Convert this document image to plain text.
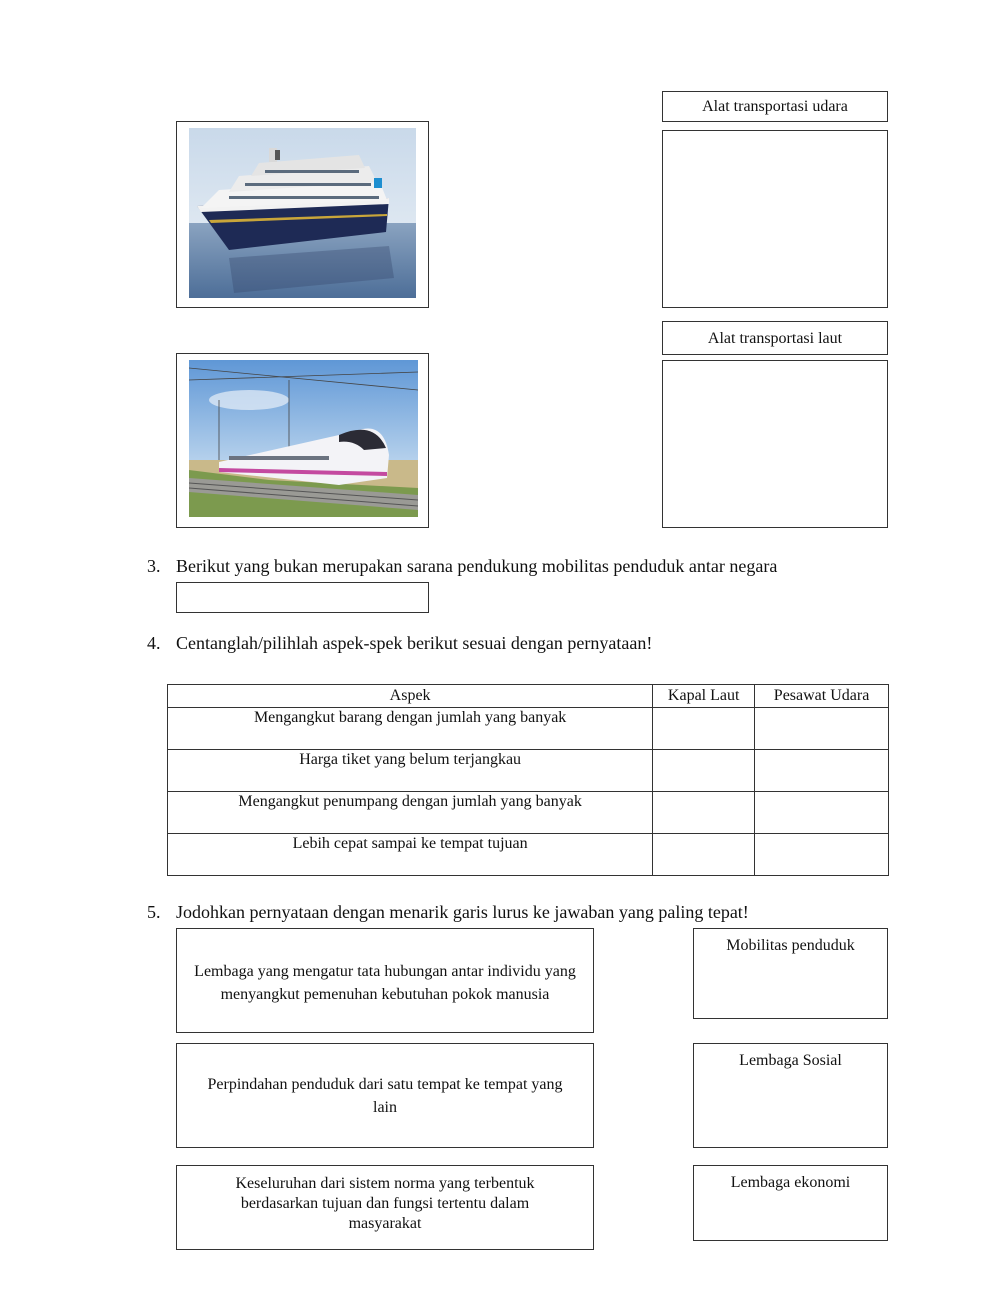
Alat transportasi udara
Alat transportasi laut
3. Berikut yang bukan merupakan sarana pendukung mobilitas penduduk antar negara
4. Centanglah/pilihlah aspek-spek berikut sesuai dengan pernyataan!
Aspek	Kapal Laut	Pesawat Udara
Mengangkut barang dengan jumlah yang banyak		
Harga tiket yang belum terjangkau		
Mengangkut penumpang dengan jumlah yang banyak		
Lebih cepat sampai ke tempat tujuan		
5. Jodohkan pernyataan dengan menarik garis lurus ke jawaban yang paling tepat!
Lembaga yang mengatur tata hubungan antar individu yang menyangkut pemenuhan kebutuhan pokok manusia
Perpindahan penduduk dari satu tempat ke tempat yang lain
Keseluruhan dari sistem norma yang terbentuk berdasarkan tujuan dan fungsi tertentu dalam masyarakat
Mobilitas penduduk
Lembaga Sosial
Lembaga ekonomi
